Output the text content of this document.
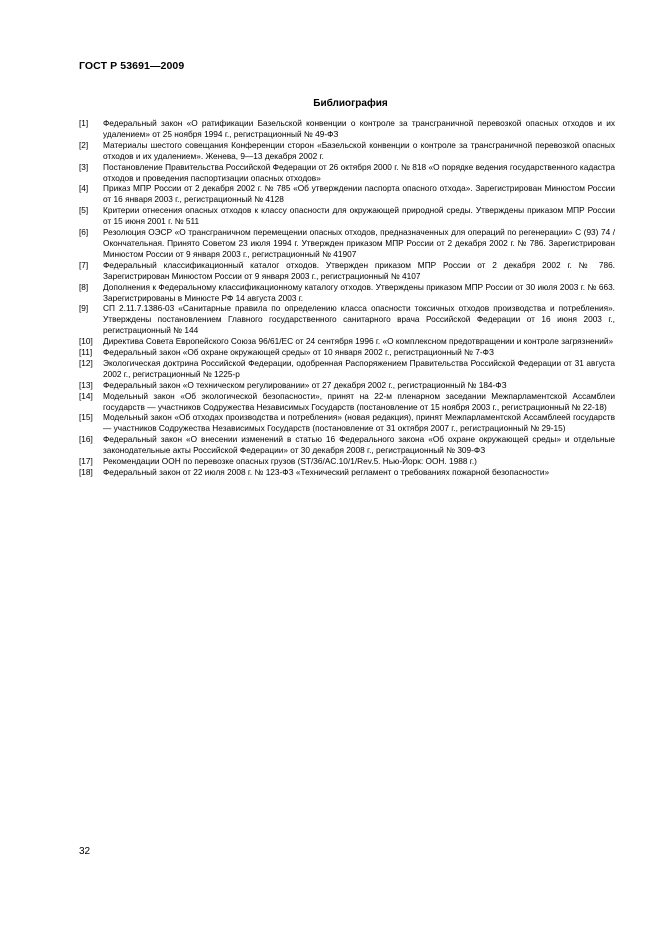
ГОСТ Р 53691—2009
Библиография
[1]	Федеральный закон «О ратификации Базельской конвенции о контроле за трансграничной перевозкой опасных отходов и их удалением» от 25 ноября 1994 г., регистрационный № 49-ФЗ
[2]	Материалы шестого совещания Конференции сторон «Базельской конвенции о контроле за трансграничной перевозкой опасных отходов и их удалением». Женева, 9—13 декабря 2002 г.
[3]	Постановление Правительства Российской Федерации от 26 октября 2000 г. № 818 «О порядке ведения государственного кадастра отходов и проведения паспортизации опасных отходов»
[4]	Приказ МПР России от 2 декабря 2002 г. № 785 «Об утверждении паспорта опасного отхода». Зарегистрирован Минюстом России от 16 января 2003 г., регистрационный № 4128
[5]	Критерии отнесения опасных отходов к классу опасности для окружающей природной среды. Утверждены приказом МПР России от 15 июня 2001 г. № 511
[6]	Резолюция ОЭСР «О трансграничном перемещении опасных отходов, предназначенных для операций по регенерации» С (93) 74 / Окончательная. Принято Советом 23 июля 1994 г. Утвержден приказом МПР России от 2 декабря 2002 г. № 786. Зарегистрирован Минюстом России от 9 января 2003 г., регистрационный № 41907
[7]	Федеральный классификационный каталог отходов. Утвержден приказом МПР России от 2 декабря 2002 г. № 786. Зарегистрирован Минюстом России от 9 января 2003 г., регистрационный № 4107
[8]	Дополнения к Федеральному классификационному каталогу отходов. Утверждены приказом МПР России от 30 июля 2003 г. № 663. Зарегистрированы в Минюсте РФ 14 августа 2003 г.
[9]	СП 2.11.7.1386-03 «Санитарные правила по определению класса опасности токсичных отходов производства и потребления». Утверждены постановлением Главного государственного санитарного врача Российской Федерации от 16 июня 2003 г., регистрационный № 144
[10]	Директива Совета Европейского Союза 96/61/ЕС от 24 сентября 1996 г. «О комплексном предотвращении и контроле загрязнений»
[11]	Федеральный закон «Об охране окружающей среды» от 10 января 2002 г., регистрационный № 7-ФЗ
[12]	Экологическая доктрина Российской Федерации, одобренная Распоряжением Правительства Российской Федерации от 31 августа 2002 г., регистрационный № 1225-р
[13]	Федеральный закон «О техническом регулировании» от 27 декабря 2002 г., регистрационный № 184-ФЗ
[14]	Модельный закон «Об экологической безопасности», принят на 22-м пленарном заседании Межпарламентской Ассамблеи государств — участников Содружества Независимых Государств (постановление от 15 ноября 2003 г., регистрационный № 22-18)
[15]	Модельный закон «Об отходах производства и потребления» (новая редакция), принят Межпарламентской Ассамблеей государств — участников Содружества Независимых Государств (постановление от 31 октября 2007 г., регистрационный № 29-15)
[16]	Федеральный закон «О внесении изменений в статью 16 Федерального закона «Об охране окружающей среды» и отдельные законодательные акты Российской Федерации» от 30 декабря 2008 г., регистрационный № 309-ФЗ
[17]	Рекомендации ООН по перевозке опасных грузов (ST/36/AC.10/1/Rev.5. Нью-Йорк: ООН. 1988 г.)
[18]	Федеральный закон от 22 июля 2008 г. № 123-ФЗ «Технический регламент о требованиях пожарной безопасности»
32
